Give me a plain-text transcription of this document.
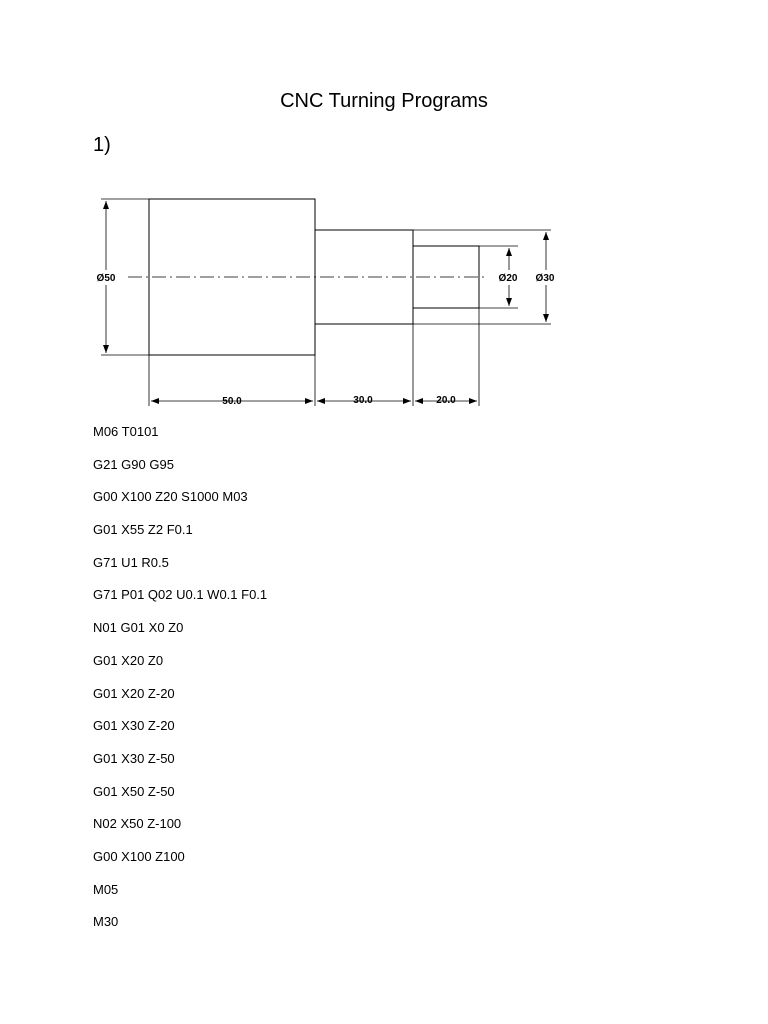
CNC Turning Programs
1)
Ø50	Ø20 Ø30
50.0	30.0	20.0
M06 T0101
G21 G90 G95
G00 X100 Z20 S1000 M03
G01 X55 Z2 F0.1
G71 U1 R0.5
G71 P01 Q02 U0.1 W0.1 F0.1
N01 G01 X0 Z0
G01 X20 Z0
G01 X20 Z-20
G01 X30 Z-20
G01 X30 Z-50
G01 X50 Z-50
N02 X50 Z-100
G00 X100 Z100
M05
M30
